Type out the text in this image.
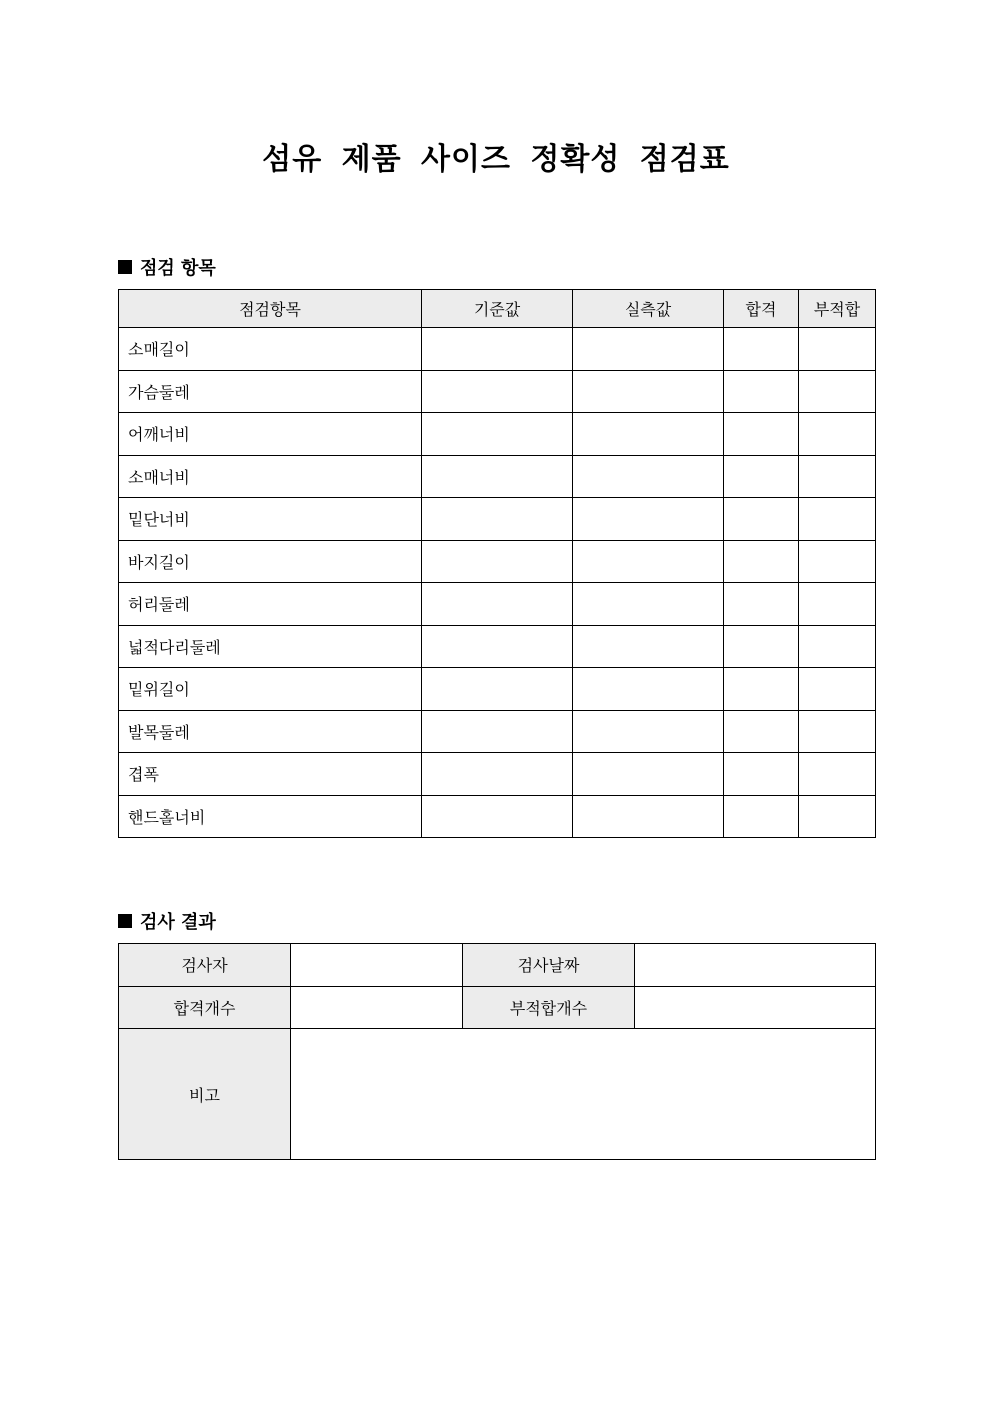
섬유 제품 사이즈 정확성 점검표
점검 항목
점검항목	기준값	실측값	합격	부적합
소매길이				
가슴둘레				
어깨너비				
소매너비				
밑단너비				
바지길이				
허리둘레				
넓적다리둘레				
밑위길이				
발목둘레				
겹폭				
핸드홀너비				
검사 결과
검사자		검사날짜	
합격개수		부적합개수	
비고			
